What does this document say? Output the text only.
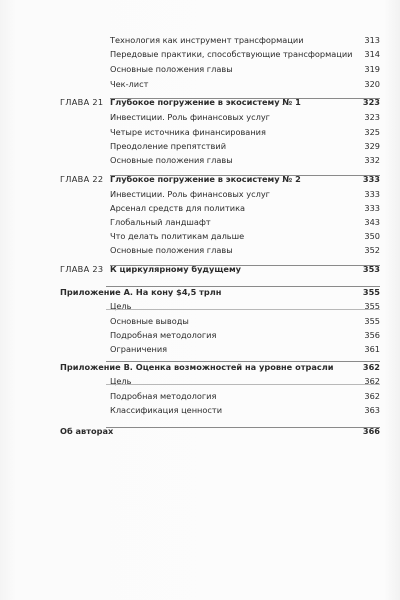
Технология как инструмент трансформации	313
Передовые практики, способствующие трансформации 314
Основные положения главы	319
Чек-лист	320
ГЛАВА 21 Глубокое погружение в экосистему № 1	323
Инвестиции. Роль финансовых услуг	323
Четыре источника финансирования	325
Преодоление препятствий	329
Основные положения главы	332
ГЛАВА 22 Глубокое погружение в экосистему № 2	333
Инвестиции. Роль финансовых услуг	333
Арсенал средств для политика	333
Глобальный ландшафт	343
Что делать политикам дальше	350
Основные положения главы	352
ГЛАВА 23 К циркулярному будущему	353
Приложение А. На кону $4,5 трлн	355
Цель	355
Основные выводы	355
Подробная методология	356
Ограничения	361
Приложение В. Оценка возможностей на уровне отрасли	362
Цель	362
Подробная методология	362
Классификация ценности	363
Об авторах	366
